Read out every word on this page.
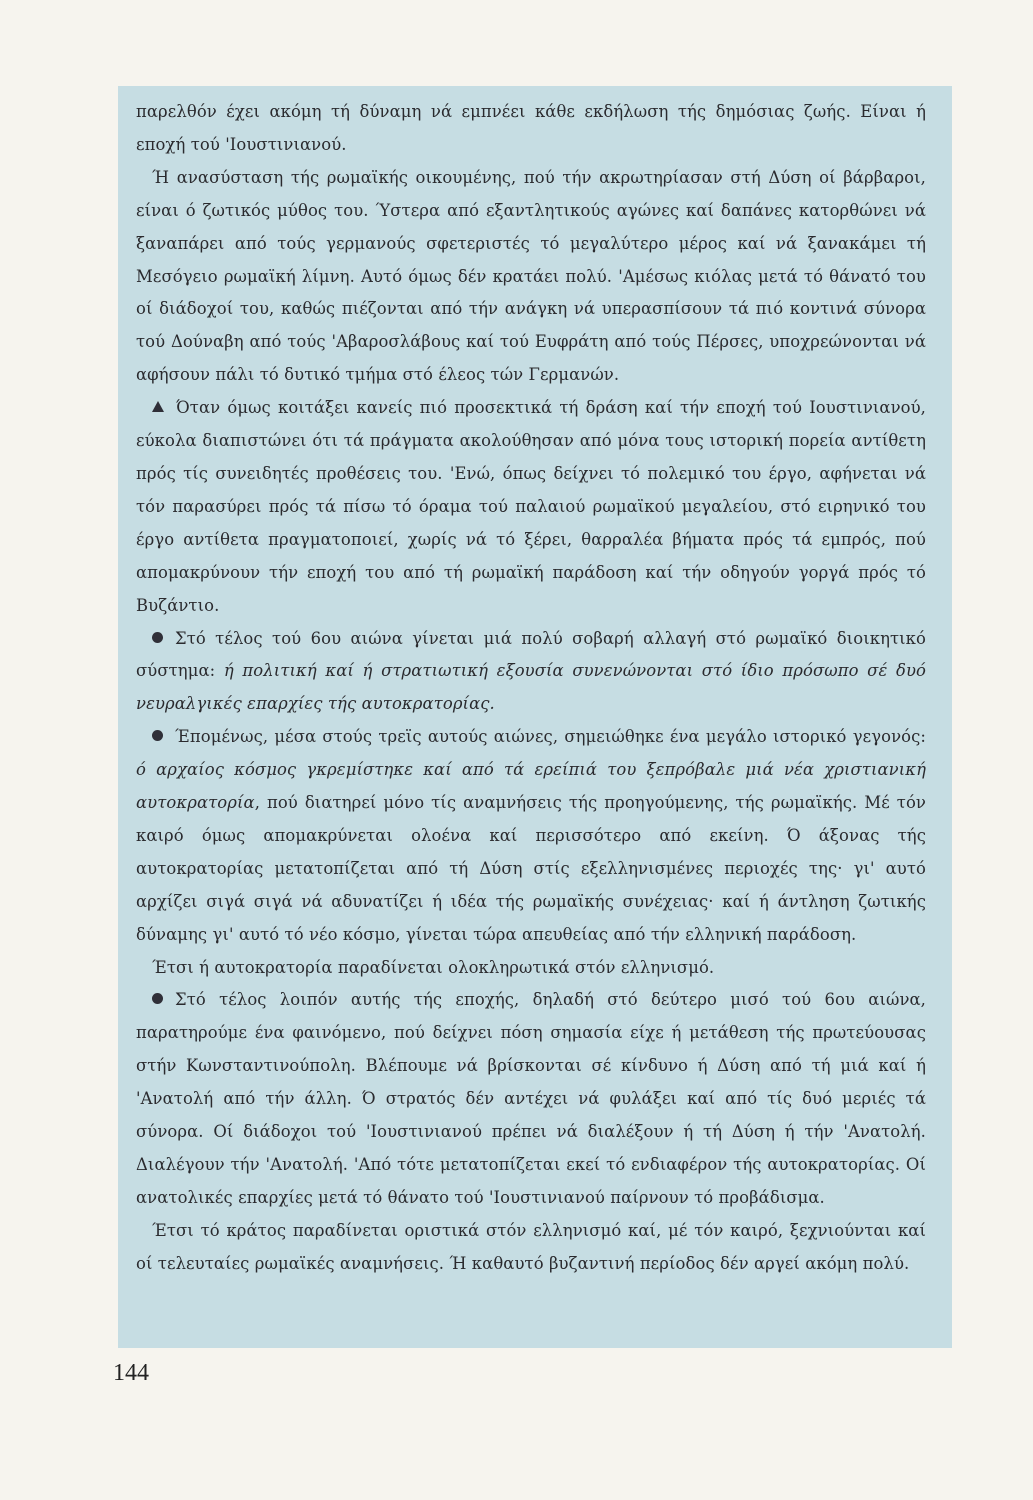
παρελθόν έχει ακόμη τή δύναμη νά εμπνέει κάθε εκδήλωση τής δημόσιας ζωής. Είναι ή εποχή τού 'Ιουστινιανού.

Ή ανασύσταση τής ρωμαϊκής οικουμένης, πού τήν ακρωτηρίασαν στή Δύση οί βάρβαροι, είναι ό ζωτικός μύθος του. Ύστερα από εξαντλητικούς αγώνες καί δαπάνες κατορθώνει νά ξαναπάρει από τούς γερμανούς σφετεριστές τό μεγαλύτερο μέρος καί νά ξανακάμει τή Μεσόγειο ρωμαϊκή λίμνη. Αυτό όμως δέν κρατάει πολύ. 'Αμέσως κιόλας μετά τό θάνατό του οί διάδοχοί του, καθώς πιέζονται από τήν ανάγκη νά υπερασπίσουν τά πιό κοντινά σύνορα τού Δούναβη από τούς 'Αβαροσλάβους καί τού Ευφράτη από τούς Πέρσες, υποχρεώνονται νά αφήσουν πάλι τό δυτικό τμήμα στό έλεος τών Γερμανών.

Όταν όμως κοιτάξει κανείς πιό προσεκτικά τή δράση καί τήν εποχή τού Ιουστινιανού, εύκολα διαπιστώνει ότι τά πράγματα ακολούθησαν από μόνα τους ιστορική πορεία αντίθετη πρός τίς συνειδητές προθέσεις του. 'Ενώ, όπως δείχνει τό πολεμικό του έργο, αφήνεται νά τόν παρασύρει πρός τά πίσω τό όραμα τού παλαιού ρωμαϊκού μεγαλείου, στό ειρηνικό του έργο αντίθετα πραγματοποιεί, χωρίς νά τό ξέρει, θαρραλέα βήματα πρός τά εμπρός, πού απομακρύνουν τήν εποχή του από τή ρωμαϊκή παράδοση καί τήν οδηγούν γοργά πρός τό Βυζάντιο.

Στό τέλος τού 6ου αιώνα γίνεται μιά πολύ σοβαρή αλλαγή στό ρωμαϊκό διοικητικό σύστημα: ή πολιτική καί ή στρατιωτική εξουσία συνενώνονται στό ίδιο πρόσωπο σέ δυό νευραλγικές επαρχίες τής αυτοκρατορίας.

Έπομένως, μέσα στούς τρεϊς αυτούς αιώνες, σημειώθηκε ένα μεγάλο ιστορικό γεγονός: ό αρχαίος κόσμος γκρεμίστηκε καί από τά ερείπιά του ξεπρόβαλε μιά νέα χριστιανική αυτοκρατορία, πού διατηρεί μόνο τίς αναμνήσεις τής προηγούμενης, τής ρωμαϊκής. Μέ τόν καιρό όμως απομακρύνεται ολοένα καί περισσότερο από εκείνη. Ό άξονας τής αυτοκρατορίας μετατοπίζεται από τή Δύση στίς εξελληνισμένες περιοχές της· γι' αυτό αρχίζει σιγά σιγά νά αδυνατίζει ή ιδέα τής ρωμαϊκής συνέχειας· καί ή άντληση ζωτικής δύναμης γι' αυτό τό νέο κόσμο, γίνεται τώρα απευθείας από τήν ελληνική παράδοση.

Έτσι ή αυτοκρατορία παραδίνεται ολοκληρωτικά στόν ελληνισμό.

Στό τέλος λοιπόν αυτής τής εποχής, δηλαδή στό δεύτερο μισό τού 6ου αιώνα, παρατηρούμε ένα φαινόμενο, πού δείχνει πόση σημασία είχε ή μετάθεση τής πρωτεύουσας στήν Κωνσταντινούπολη. Βλέπουμε νά βρίσκονται σέ κίνδυνο ή Δύση από τή μιά καί ή 'Ανατολή από τήν άλλη. Ό στρατός δέν αντέχει νά φυλάξει καί από τίς δυό μεριές τά σύνορα. Οί διάδοχοι τού 'Ιουστινιανού πρέπει νά διαλέξουν ή τή Δύση ή τήν 'Ανατολή. Διαλέγουν τήν 'Ανατολή. 'Από τότε μετατοπίζεται εκεί τό ενδιαφέρον τής αυτοκρατορίας. Οί ανατολικές επαρχίες μετά τό θάνατο τού 'Ιουστινιανού παίρνουν τό προβάδισμα.

Έτσι τό κράτος παραδίνεται οριστικά στόν ελληνισμό καί, μέ τόν καιρό, ξεχνιούνται καί οί τελευταίες ρωμαϊκές αναμνήσεις. Ή καθαυτό βυζαντινή περίοδος δέν αργεί ακόμη πολύ.

144
